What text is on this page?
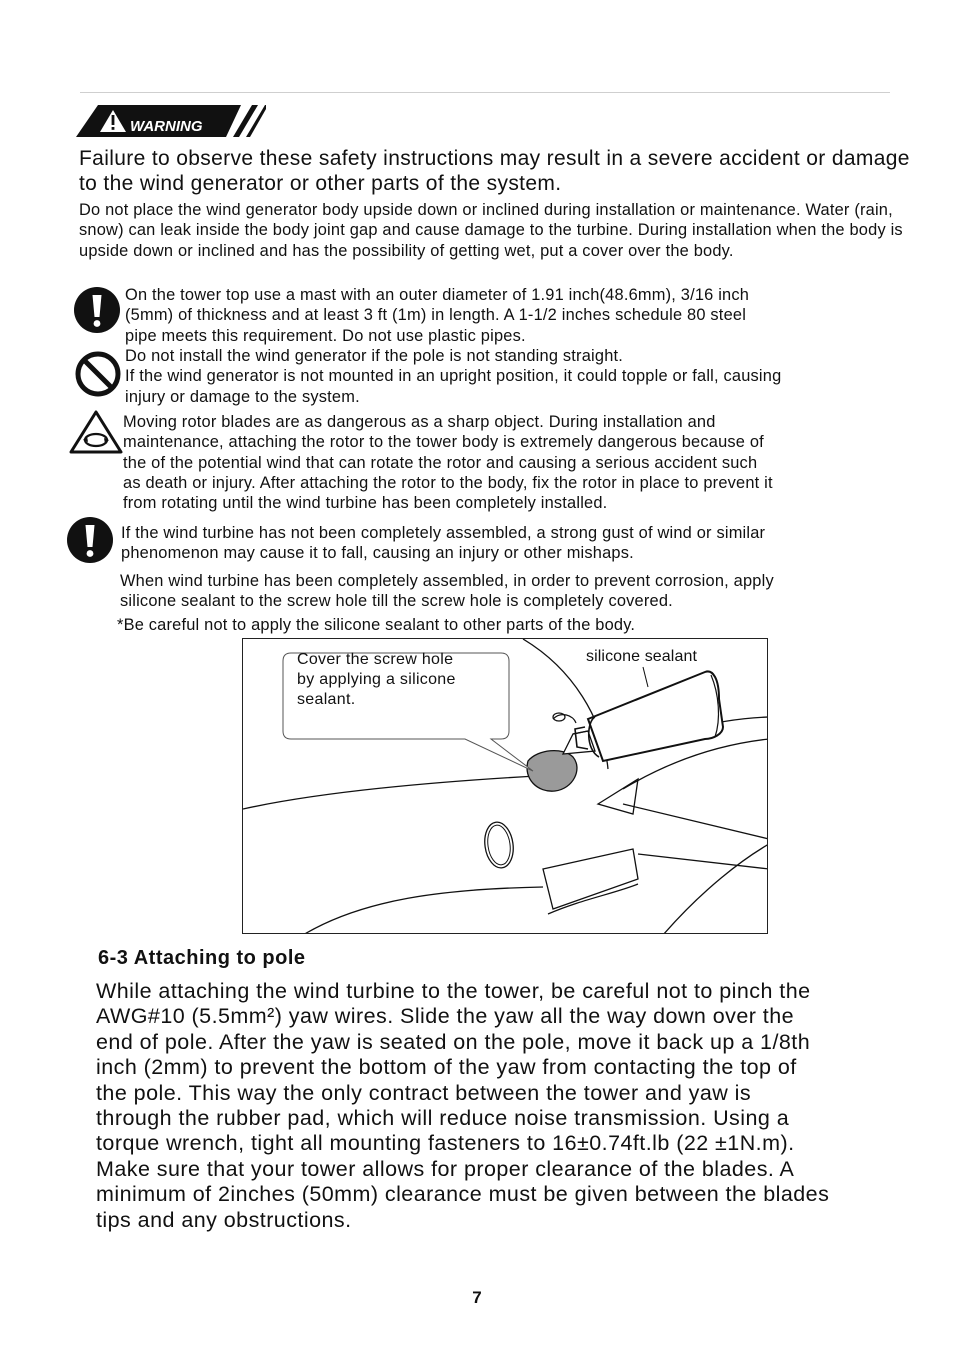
WARNING
Failure to observe these safety instructions may result in a severe accident or damage to the wind generator or other parts of the system.
Do not place the wind generator body upside down or inclined during installation or maintenance. Water (rain, snow) can leak inside the body joint gap and cause damage to the turbine. During installation when the body is upside down or inclined and has the possibility of getting wet, put a cover over the body.
On the tower top use a mast with an outer diameter of 1.91 inch(48.6mm), 3/16 inch
(5mm) of thickness and at least 3 ft (1m) in length. A 1-1/2 inches schedule 80 steel
pipe meets this requirement. Do not use plastic pipes.
Do not install the wind generator if the pole is not standing straight.
If the wind generator is not mounted in an upright position, it could topple or fall, causing
injury or damage to the system.
Moving rotor blades are as dangerous as a sharp object. During installation and
maintenance, attaching the rotor to the tower body is extremely dangerous because of
the of the potential wind that can rotate the rotor and causing a serious accident such
as death or injury. After attaching the rotor to the body, fix the rotor in place to prevent it
from rotating until the wind turbine has been completely installed.
If the wind turbine has not been completely assembled, a strong gust of wind or similar
phenomenon may cause it to fall, causing an injury or other mishaps.
When wind turbine has been completely assembled, in order to prevent corrosion, apply
silicone sealant to the screw hole till the screw hole is completely covered.
*Be careful not to apply the silicone sealant to other parts of the body.
Cover the screw hole
by applying a silicone
sealant.
silicone sealant
6-3 Attaching to pole
While attaching the wind turbine to the tower, be careful not to pinch the
AWG#10 (5.5mm²) yaw wires. Slide the yaw all the way down over the
end of pole. After the yaw is seated on the pole, move it back up a 1/8th
inch (2mm) to prevent the bottom of the yaw from contacting the top of
the pole. This way the only contract between the tower and yaw is
through the rubber pad, which will reduce noise transmission. Using a
torque wrench, tight all mounting fasteners to 16±0.74ft.lb (22 ±1N.m).
Make sure that your tower allows for proper clearance of the blades. A
minimum of 2inches (50mm) clearance must be given between the blades
tips and any obstructions.
7
